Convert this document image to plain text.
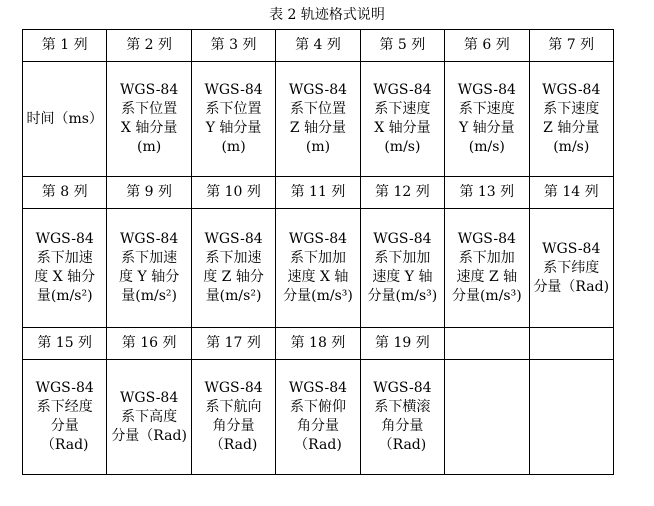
表 2 轨迹格式说明
第 1 列	第 2 列	第 3 列	第 4 列	第 5 列	第 6 列	第 7 列
时间（ms）	WGS-84
系下位置
X 轴分量
(m)	WGS-84
系下位置
Y 轴分量
(m)	WGS-84
系下位置
Z 轴分量
(m)	WGS-84
系下速度
X 轴分量
(m/s)	WGS-84
系下速度
Y 轴分量
(m/s)	WGS-84
系下速度
Z 轴分量
(m/s)
第 8 列	第 9 列	第 10 列	第 11 列	第 12 列	第 13 列	第 14 列
WGS-84
系下加速
度 X 轴分
量(m/s²)	WGS-84
系下加速
度 Y 轴分
量(m/s²)	WGS-84
系下加速
度 Z 轴分
量(m/s²)	WGS-84
系下加加
速度 X 轴
分量(m/s³)	WGS-84
系下加加
速度 Y 轴
分量(m/s³)	WGS-84
系下加加
速度 Z 轴
分量(m/s³)	WGS-84
系下纬度
分量（Rad)
第 15 列	第 16 列	第 17 列	第 18 列	第 19 列		
WGS-84
系下经度
分量
（Rad)	WGS-84
系下高度
分量（Rad)	WGS-84
系下航向
角分量
（Rad)	WGS-84
系下俯仰
角分量
（Rad)	WGS-84
系下横滚
角分量
（Rad)		
